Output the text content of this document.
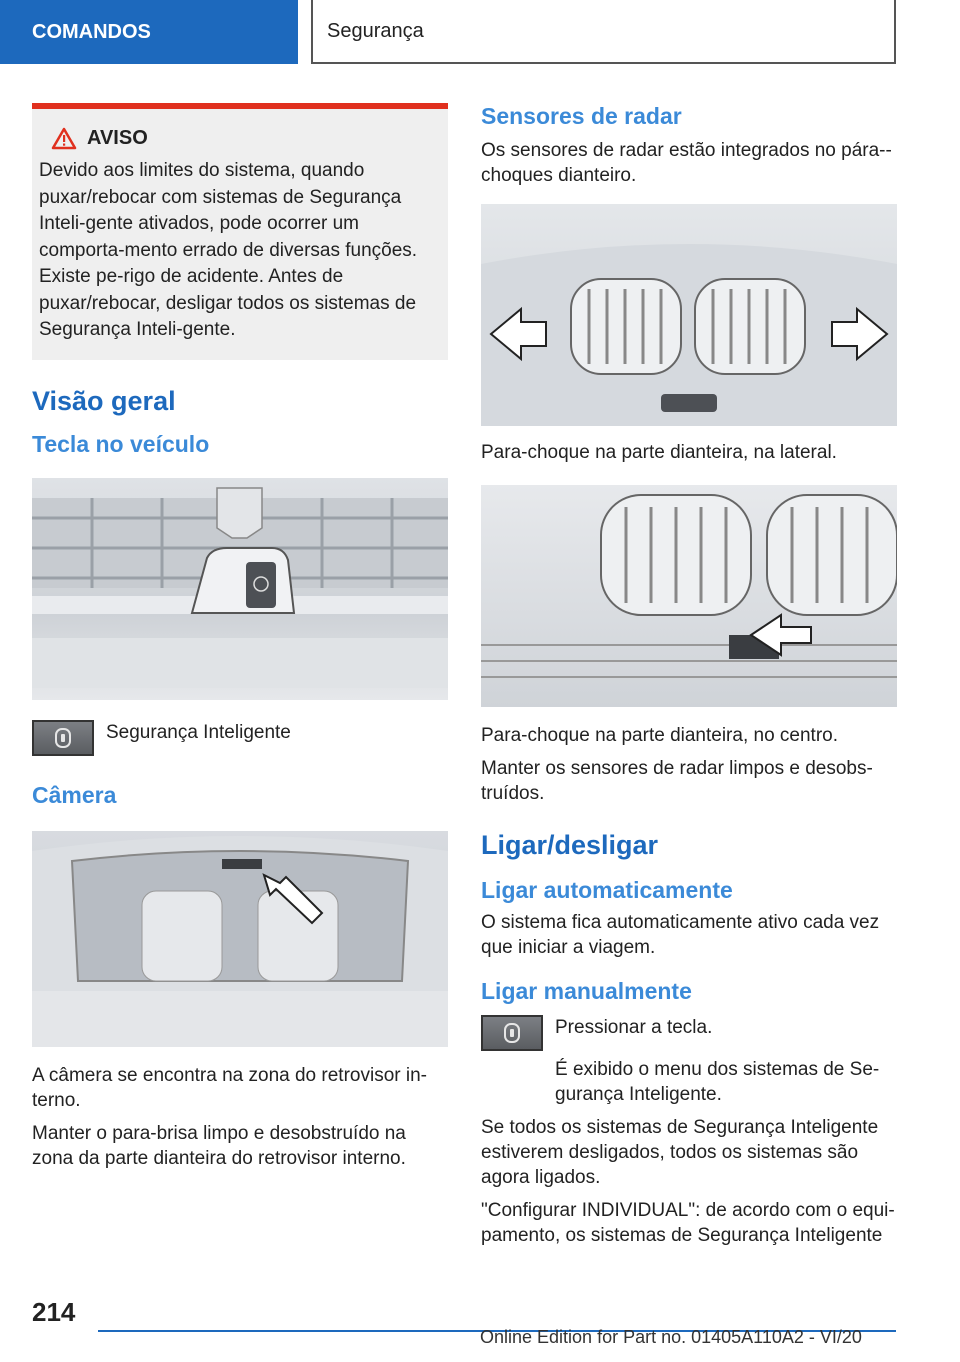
COMANDOS	Segurança
AVISO
Devido aos limites do sistema, quando puxar/rebocar com sistemas de Segurança Inteli-gente ativados, pode ocorrer um comporta-mento errado de diversas funções. Existe pe-rigo de acidente. Antes de puxar/rebocar, desligar todos os sistemas de Segurança Inteli-gente.
Visão geral
Tecla no veículo
Segurança Inteligente
Câmera

A câmera se encontra na zona do retrovisor in-terno.

Manter o para-brisa limpo e desobstruído na zona da parte dianteira do retrovisor interno.

Sensores de radar

Os sensores de radar estão integrados no pára--choques dianteiro.

Para-choque na parte dianteira, na lateral.

Para-choque na parte dianteira, no centro.

Manter os sensores de radar limpos e desobs-truídos.

Ligar/desligar
Ligar automaticamente

O sistema fica automaticamente ativo cada vez que iniciar a viagem.

Ligar manualmente

Pressionar a tecla.

É exibido o menu dos sistemas de Se-gurança Inteligente.

Se todos os sistemas de Segurança Inteligente estiverem desligados, todos os sistemas são agora ligados.

"Configurar INDIVIDUAL": de acordo com o equi-pamento, os sistemas de Segurança Inteligente

214
Online Edition for Part no. 01405A110A2 - VI/20
